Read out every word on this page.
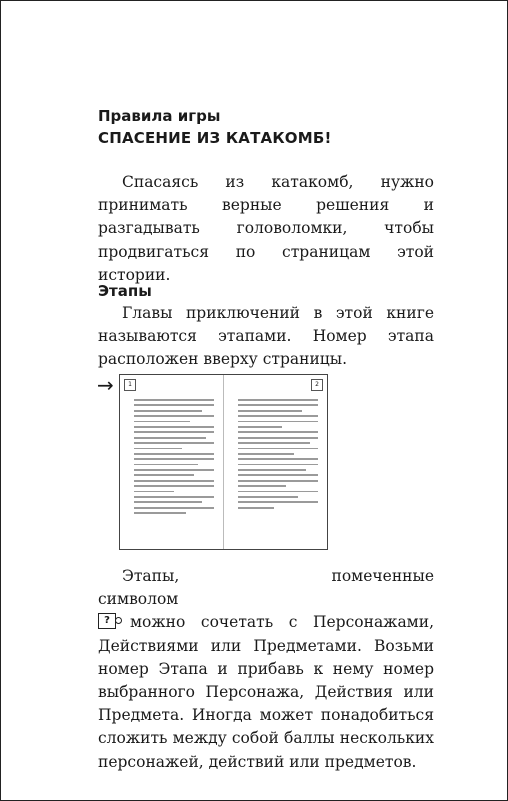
Правила игры
СПАСЕНИЕ ИЗ КАТАКОМБ!
Спасаясь из катакомб, нужно принимать верные решения и разгадывать головоломки, чтобы продвигаться по страницам этой истории.
Этапы
Главы приключений в этой книге называются этапами. Номер этапа расположен вверху страницы.
→	1	2
Этапы, помеченные символом

?	можно сочетать с Персонажами, Действиями или Предметами. Возьми номер Этапа и прибавь к нему номер выбранного Персонажа, Действия или Предмета. Иногда может понадобиться сложить между собой баллы нескольких персонажей, действий или предметов.
